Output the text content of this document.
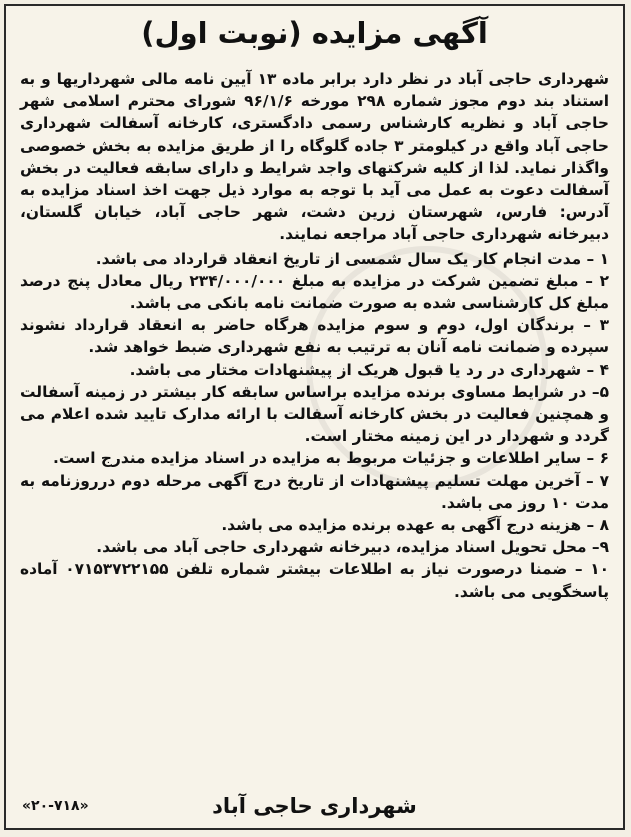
آگهی مزایده (نوبت اول)

شهرداری حاجی آباد در نظر دارد برابر ماده ۱۳ آیین نامه مالی شهرداریها و به استناد بند دوم مجوز شماره ۲۹۸ مورخه ۹۶/۱/۶ شورای محترم اسلامی شهر حاجی آباد و نظریه کارشناس رسمی دادگستری، کارخانه آسفالت شهرداری حاجی آباد واقع در کیلومتر ۳ جاده گلوگاه را از طریق مزایده به بخش خصوصی واگذار نماید. لذا از کلیه شرکتهای واجد شرایط و دارای سابقه فعالیت در بخش آسفالت دعوت به عمل می آید با توجه به موارد ذیل جهت اخذ اسناد مزایده به آدرس: فارس، شهرستان زرین دشت، شهر حاجی آباد، خیابان گلستان، دبیرخانه شهرداری حاجی آباد مراجعه نمایند.

۱ – مدت انجام کار یک سال شمسی از تاریخ انعقاد قرارداد می باشد.

۲ – مبلغ تضمین شرکت در مزایده به مبلغ ۲۳۴/۰۰۰/۰۰۰ ریال معادل پنج درصد مبلغ کل کارشناسی شده به صورت ضمانت نامه بانکی می باشد.

۳ – برندگان اول، دوم و سوم مزایده هرگاه حاضر به انعقاد قرارداد نشوند سپرده و ضمانت نامه آنان به ترتیب به نفع شهرداری ضبط خواهد شد.

۴ – شهرداری در رد یا قبول هریک از پیشنهادات مختار می باشد.

۵– در شرایط مساوی برنده مزایده براساس سابقه کار بیشتر در زمینه آسفالت و همچنین فعالیت در بخش کارخانه آسفالت با ارائه مدارک تایید شده اعلام می گردد و شهردار در این زمینه مختار است.

۶ – سایر اطلاعات و جزئیات مربوط به مزایده در اسناد مزایده مندرج است.

۷ – آخرین مهلت تسلیم پیشنهادات از تاریخ درج آگهی مرحله دوم درروزنامه به مدت ۱۰ روز می باشد.

۸ – هزینه درج آگهی به عهده برنده مزایده می باشد.

۹– محل تحویل اسناد مزایده، دبیرخانه شهرداری حاجی آباد می باشد.

۱۰ – ضمنا درصورت نیاز به اطلاعات بیشتر شماره تلفن ۰۷۱۵۳۷۲۲۱۵۵ آماده پاسخگویی می باشد.

شهرداری حاجی آباد
«۲۰-۷۱۸»
